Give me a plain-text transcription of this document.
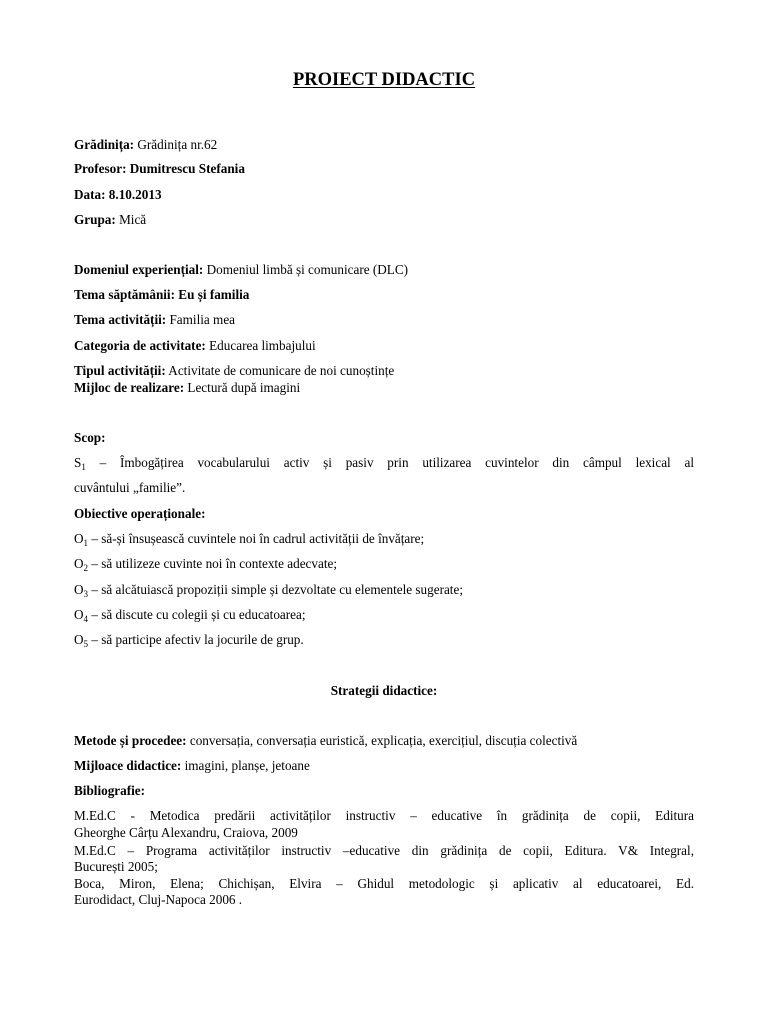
PROIECT DIDACTIC
Grădinița: Grădinița nr.62
Profesor: Dumitrescu Stefania
Data: 8.10.2013
Grupa: Mică
Domeniul experiențial: Domeniul limbă și comunicare (DLC)
Tema săptămânii: Eu și familia
Tema activității: Familia mea
Categoria de activitate: Educarea limbajului
Tipul activității: Activitate de comunicare de noi cunoștințe
Mijloc de realizare: Lectură după imagini
Scop:
$S_1$ – Îmbogățirea vocabularului activ și pasiv prin utilizarea cuvintelor din câmpul lexical al
cuvântului „familie”.
Obiective operaționale:
$O_1$ – să-și însușească cuvintele noi în cadrul activității de învățare;
$O_2$ – să utilizeze cuvinte noi în contexte adecvate;
$O_3$ – să alcătuiască propoziții simple și dezvoltate cu elementele sugerate;
$O_4$ – să discute cu colegii și cu educatoarea;
$O_5$ – să participe afectiv la jocurile de grup.
Strategii didactice:
Metode și procedee: conversația, conversația euristică, explicația, exercițiul, discuția colectivă
Mijloace didactice: imagini, planșe, jetoane
Bibliografie:
M.Ed.C - Metodica predării activităților instructiv – educative în grădinița de copii, Editura
Gheorghe Cârțu Alexandru, Craiova, 2009
M.Ed.C – Programa activităților instructiv –educative din grădinița de copii, Editura. V& Integral,
București 2005;
Boca, Miron, Elena; Chichișan, Elvira – Ghidul metodologic și aplicativ al educatoarei, Ed.
Eurodidact, Cluj-Napoca 2006 .
